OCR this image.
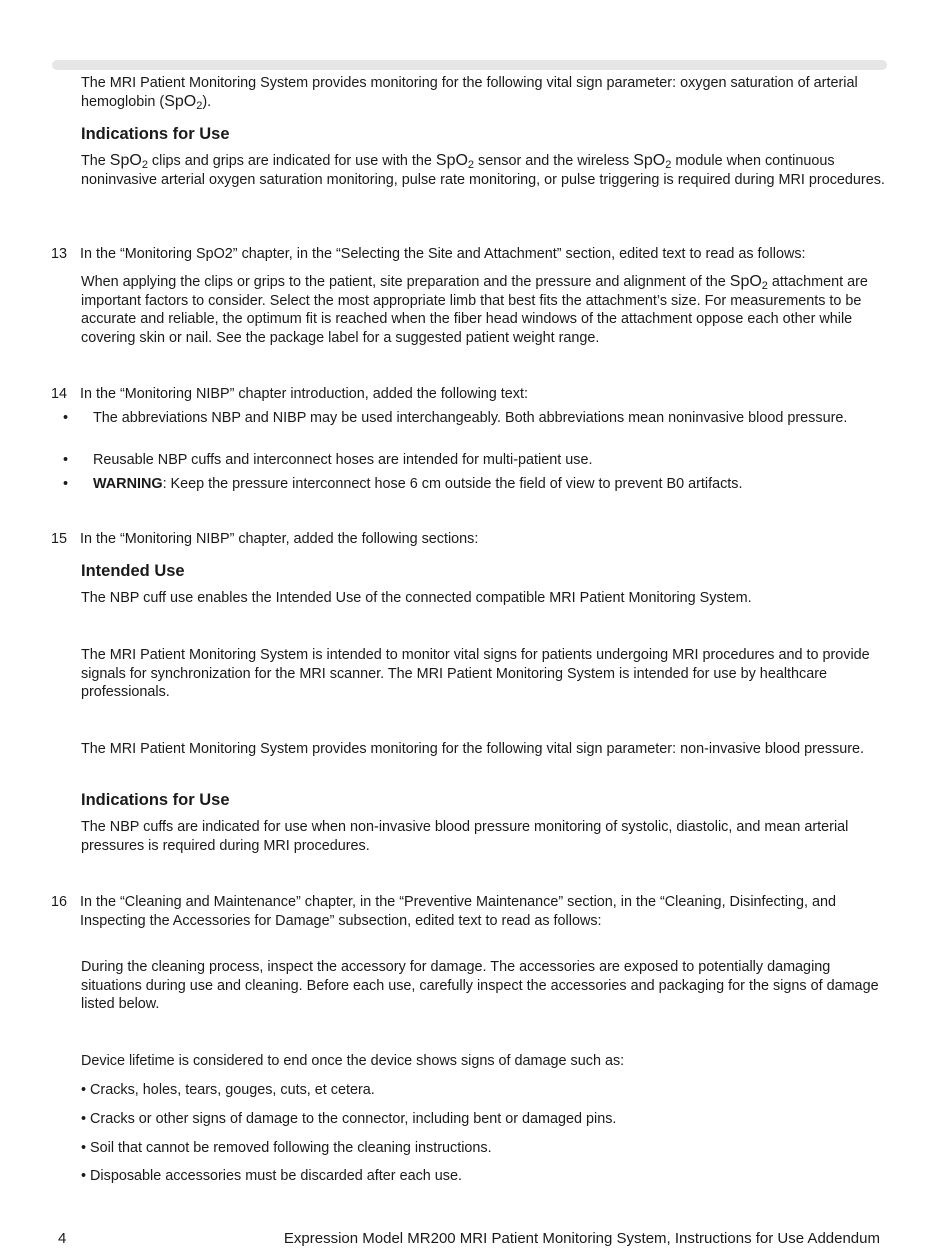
The MRI Patient Monitoring System provides monitoring for the following vital sign parameter: oxygen saturation of arterial hemoglobin (SpO$_2$).

Indications for Use

The SpO$_2$ clips and grips are indicated for use with the SpO$_2$ sensor and the wireless SpO$_2$ module when continuous noninvasive arterial oxygen saturation monitoring, pulse rate monitoring, or pulse triggering is required during MRI procedures.

13 In the “Monitoring SpO2” chapter, in the “Selecting the Site and Attachment” section, edited text to read as follows:

When applying the clips or grips to the patient, site preparation and the pressure and alignment of the SpO$_2$ attachment are important factors to consider. Select the most appropriate limb that best fits the attachment’s size. For measurements to be accurate and reliable, the optimum fit is reached when the fiber head windows of the attachment oppose each other while covering skin or nail. See the package label for a suggested patient weight range.

14 In the “Monitoring NIBP” chapter introduction, added the following text:

• The abbreviations NBP and NIBP may be used interchangeably. Both abbreviations mean noninvasive blood pressure.

• Reusable NBP cuffs and interconnect hoses are intended for multi-patient use.

• WARNING: Keep the pressure interconnect hose 6 cm outside the field of view to prevent B0 artifacts.

15 In the “Monitoring NIBP” chapter, added the following sections:

Intended Use

The NBP cuff use enables the Intended Use of the connected compatible MRI Patient Monitoring System.

The MRI Patient Monitoring System is intended to monitor vital signs for patients undergoing MRI procedures and to provide signals for synchronization for the MRI scanner. The MRI Patient Monitoring System is intended for use by healthcare professionals.

The MRI Patient Monitoring System provides monitoring for the following vital sign parameter: non-invasive blood pressure.

Indications for Use

The NBP cuffs are indicated for use when non-invasive blood pressure monitoring of systolic, diastolic, and mean arterial pressures is required during MRI procedures.

16 In the “Cleaning and Maintenance” chapter, in the “Preventive Maintenance” section, in the “Cleaning, Disinfecting, and Inspecting the Accessories for Damage” subsection, edited text to read as follows:

During the cleaning process, inspect the accessory for damage. The accessories are exposed to potentially damaging situations during use and cleaning. Before each use, carefully inspect the accessories and packaging for the signs of damage listed below.

Device lifetime is considered to end once the device shows signs of damage such as:

• Cracks, holes, tears, gouges, cuts, et cetera.

• Cracks or other signs of damage to the connector, including bent or damaged pins.

• Soil that cannot be removed following the cleaning instructions.

• Disposable accessories must be discarded after each use.

4	Expression Model MR200 MRI Patient Monitoring System, Instructions for Use Addendum
